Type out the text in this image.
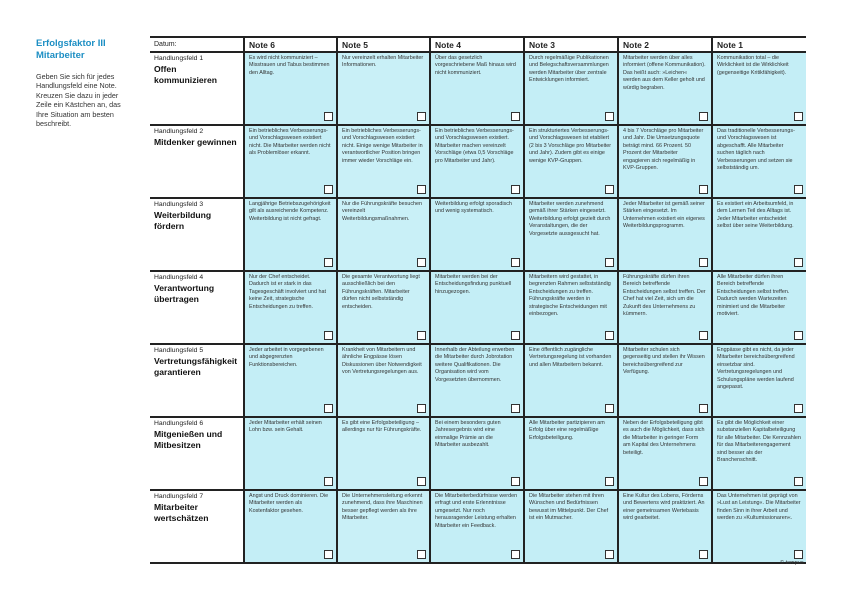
Erfolgsfaktor III Mitarbeiter
Geben Sie sich für jedes Handlungsfeld eine Note. Kreuzen Sie dazu in jeder Zeile ein Kästchen an, das Ihre Situation am besten beschreibt.
Datum:	Note 6	Note 5	Note 4	Note 3	Note 2	Note 1
Handlungsfeld 1
Offen kommunizieren	Es wird nicht kommuniziert – Misstrauen und Tabus bestimmen den Alltag.	Nur vereinzelt erhalten Mitarbeiter Informationen.	Über das gesetzlich vorgeschriebene Maß hinaus wird nicht kommuniziert.	Durch regelmäßige Publikationen und Belegschaftsversammlungen werden Mitarbeiter über zentrale Entwicklungen informiert.	Mitarbeiter werden über alles informiert (offene Kommunikation). Das heißt auch: »Leichen« werden aus dem Keller geholt und würdig begraben.	Kommunikation total – die Wirklichkeit ist die Wirklichkeit (gegenseitige Kritikfähigkeit).

Handlungsfeld 2
Mitdenker gewinnen	Ein betriebliches Verbesserungs- und Vorschlagswesen existiert nicht. Die Mitarbeiter werden nicht als Problemlöser erkannt.	Ein betriebliches Verbesserungs- und Vorschlagswesen existiert nicht. Einige wenige Mitarbeiter in verantwortlicher Position bringen immer wieder Vorschläge ein.	Ein betriebliches Verbesserungs- und Vorschlagswesen existiert. Mitarbeiter machen vereinzelt Vorschläge (etwa 0,5 Vorschläge pro Mitarbeiter und Jahr).	Ein strukturiertes Verbesserungs- und Vorschlagswesen ist etabliert (2 bis 3 Vorschläge pro Mitarbeiter und Jahr). Zudem gibt es einige wenige KVP-Gruppen.	4 bis 7 Vorschläge pro Mitarbeiter und Jahr. Die Umsetzungsquote beträgt mind. 66 Prozent. 50 Prozent der Mitarbeiter engagieren sich regelmäßig in KVP-Gruppen.	Das traditionelle Verbesserungs- und Vorschlagswesen ist abgeschafft. Alle Mitarbeiter suchen täglich nach Verbesserungen und setzen sie selbstständig um.

Handlungsfeld 3
Weiterbildung fördern	Langjährige Betriebszugehörigkeit gilt als ausreichende Kompetenz. Weiterbildung ist nicht gefragt.	Nur die Führungskräfte besuchen vereinzelt Weiterbildungsmaßnahmen.	Weiterbildung erfolgt sporadisch und wenig systematisch.	Mitarbeiter werden zunehmend gemäß ihrer Stärken eingesetzt. Weiterbildung erfolgt gezielt durch Veranstaltungen, die der Vorgesetzte aussgesucht hat.	Jeder Mitarbeiter ist gemäß seiner Stärken eingesetzt. Im Unternehmen existiert ein eigenes Weiterbildungsprogramm.	Es existiert ein Arbeitsumfeld, in dem Lernen Teil des Alltags ist. Jeder Mitarbeiter entscheidet selbst über seine Weiterbildung.

Handlungsfeld 4
Verantwortung übertragen	Nur der Chef entscheidet. Dadurch ist er stark in das Tagesgeschäft involviert und hat keine Zeit, strategische Entscheidungen zu treffen.	Die gesamte Verantwortung liegt ausschließlich bei den Führungskräften. Mitarbeiter dürfen nicht selbstständig entscheiden.	Mitarbeiter werden bei der Entscheidungsfindung punktuell hinzugezogen.	Mitarbeitern wird gestattet, in begrenzten Rahmen selbstständig Entscheidungen zu treffen. Führungskräfte werden in strategische Entscheidungen mit einbezogen.	Führungskräfte dürfen ihren Bereich betreffende Entscheidungen selbst treffen. Der Chef hat viel Zeit, sich um die Zukunft des Unternehmens zu kümmern.	Alle Mitarbeiter dürfen ihren Bereich betreffende Entscheidungen selbst treffen. Dadurch werden Wartezeiten minimiert und die Mitarbeiter motiviert.

Handlungsfeld 5
Vertretungsfähigkeit garantieren	Jeder arbeitet in vorgegebenen und abgegrenzten Funktionsbereichen.	Krankheit von Mitarbeitern und ähnliche Engpässe lösen Diskussionen über Notwendigkeit von Vertretungsregelungen aus.	Innerhalb der Abteilung erwerben die Mitarbeiter durch Jobrotation weitere Qualifikationen. Die Organisation wird vom Vorgesetzten übernommen.	Eine öffentlich zugängliche Vertretungsregelung ist vorhanden und allen Mitarbeitern bekannt.	Mitarbeiter schulen sich gegenseitig und stellen ihr Wissen bereichsübergreifend zur Verfügung.	Engpässe gibt es nicht, da jeder Mitarbeiter bereichsübergreifend einsetzbar sind. Vertretungsregelungen und Schulungspläne werden laufend angepasst.

Handlungsfeld 6
Mitgenießen und Mitbesitzen	Jeder Mitarbeiter erhält seinen Lohn bzw. sein Gehalt.	Es gibt eine Erfolgsbeteiligung – allerdings nur für Führungskräfte.	Bei einem besonders guten Jahresergebnis wird eine einmalige Prämie an die Mitarbeiter ausbezahlt.	Alle Mitarbeiter partizipieren am Erfolg über eine regelmäßige Erfolgsbeteiligung.	Neben der Erfolgsbeteiligung gibt es auch die Möglichkeit, dass sich die Mitarbeiter in geringer Form am Kapital des Unternehmens beteiligt.	Es gibt die Möglichkeit einer substanziellen Kapitalbeteiligung für alle Mitarbeiter. Die Kennzahlen für das Mitarbeiterengagement sind besser als der Branchenschnitt.

Handlungsfeld 7
Mitarbeiter wertschätzen	Angst und Druck dominieren. Die Mitarbeiter werden als Kostenfaktor gesehen.	Die Unternehmensleitung erkennt zunehmend, dass ihre Maschinen besser gepflegt werden als ihre Mitarbeiter.	Die Mitarbeiterbedürfnisse werden erfragt und erste Erlenntnisse umgesetzt. Nur noch herausragender Leistung erhalten Mitarbeiter ein Feedback.	Die Mitarbeiter stehen mit ihren Wünschen und Bedürfnissen bewusst im Mittelpunkt. Der Chef ist ein Mutmacher.	Eine Kultur des Lobens, Förderns und Bewertens wird praktiziert. An einer gemeinsamen Wertebasis wird gearbeitet.	Das Unternehmen ist geprägt von »Lust an Leistung«. Die Mitarbeiter finden Sinn in ihrer Arbeit und werden zu »Kultumissionaren«.
© tempus
